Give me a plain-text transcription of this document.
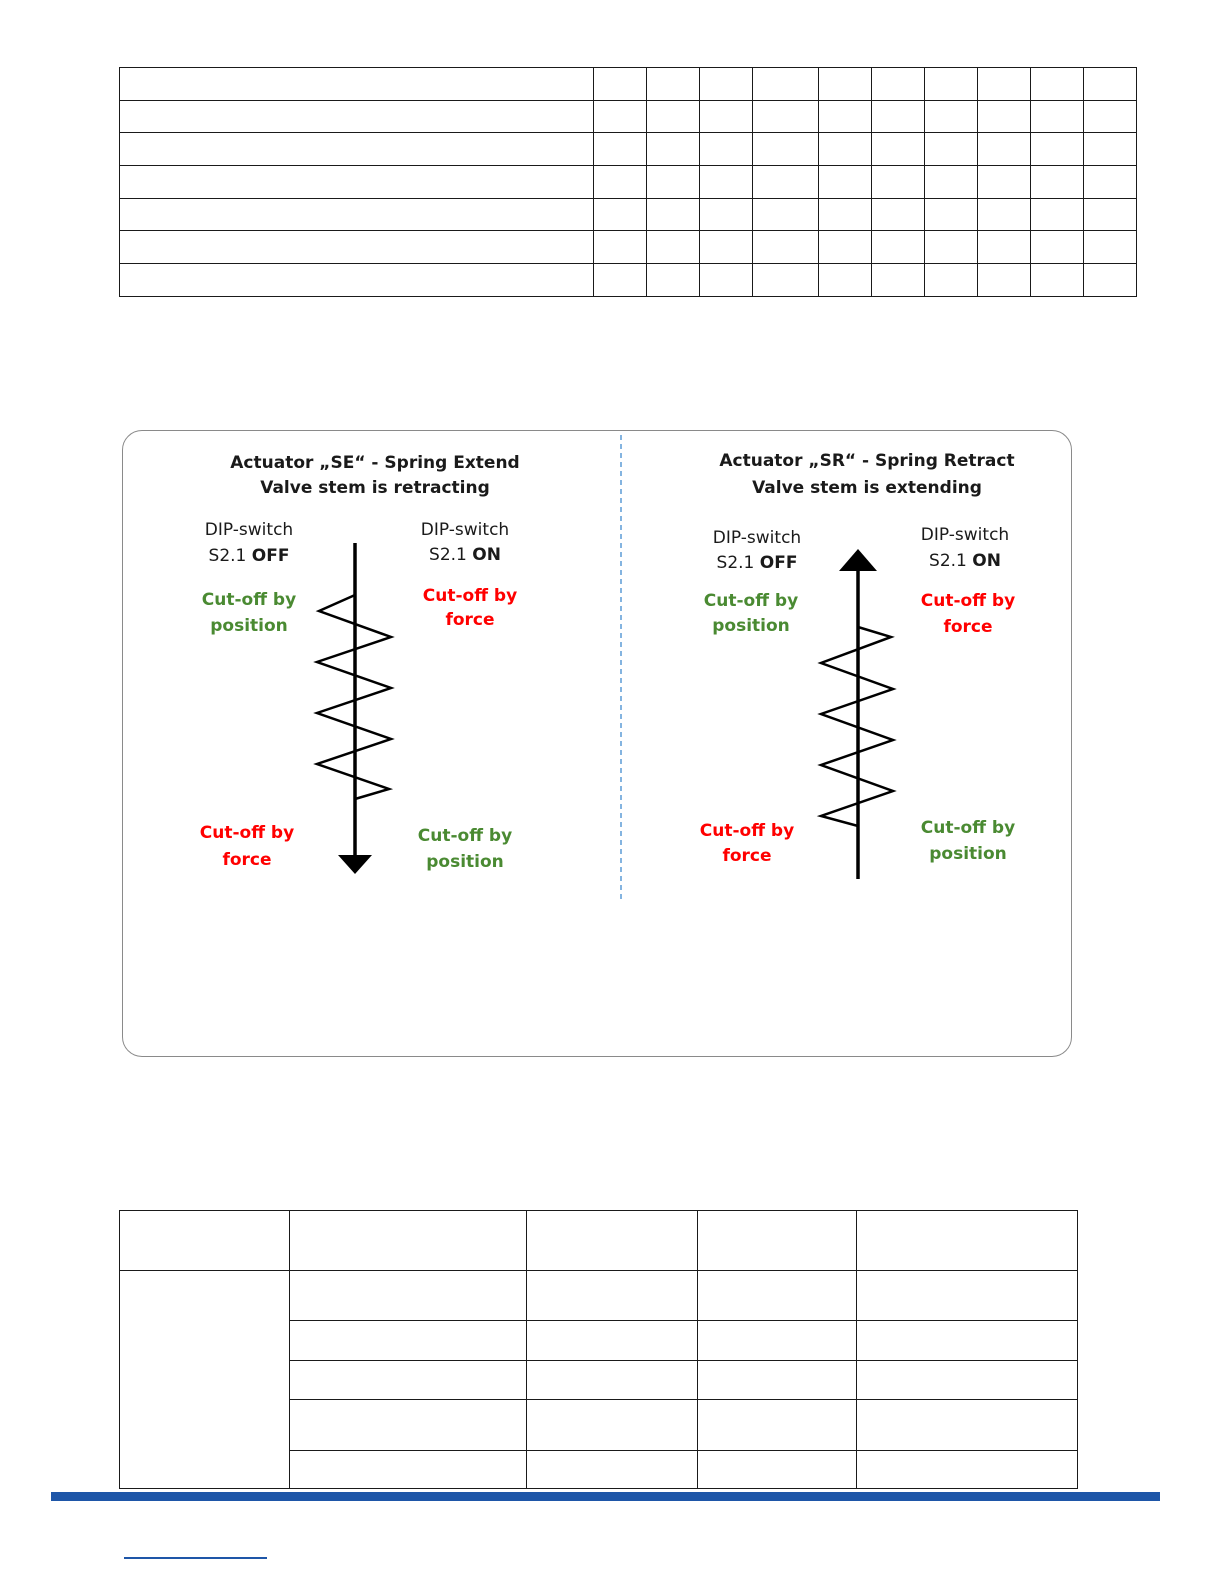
Actuator „SE“ - Spring Extend
Valve stem is retracting
DIP-switch
S2.1 OFF
DIP-switch
S2.1 ON
Cut-off by
position
Cut-off by
force
Cut-off by
force
Cut-off by
position
Actuator „SR“ - Spring Retract
Valve stem is extending
DIP-switch
S2.1 OFF
DIP-switch
S2.1 ON
Cut-off by
position
Cut-off by
force
Cut-off by
force
Cut-off by
position
